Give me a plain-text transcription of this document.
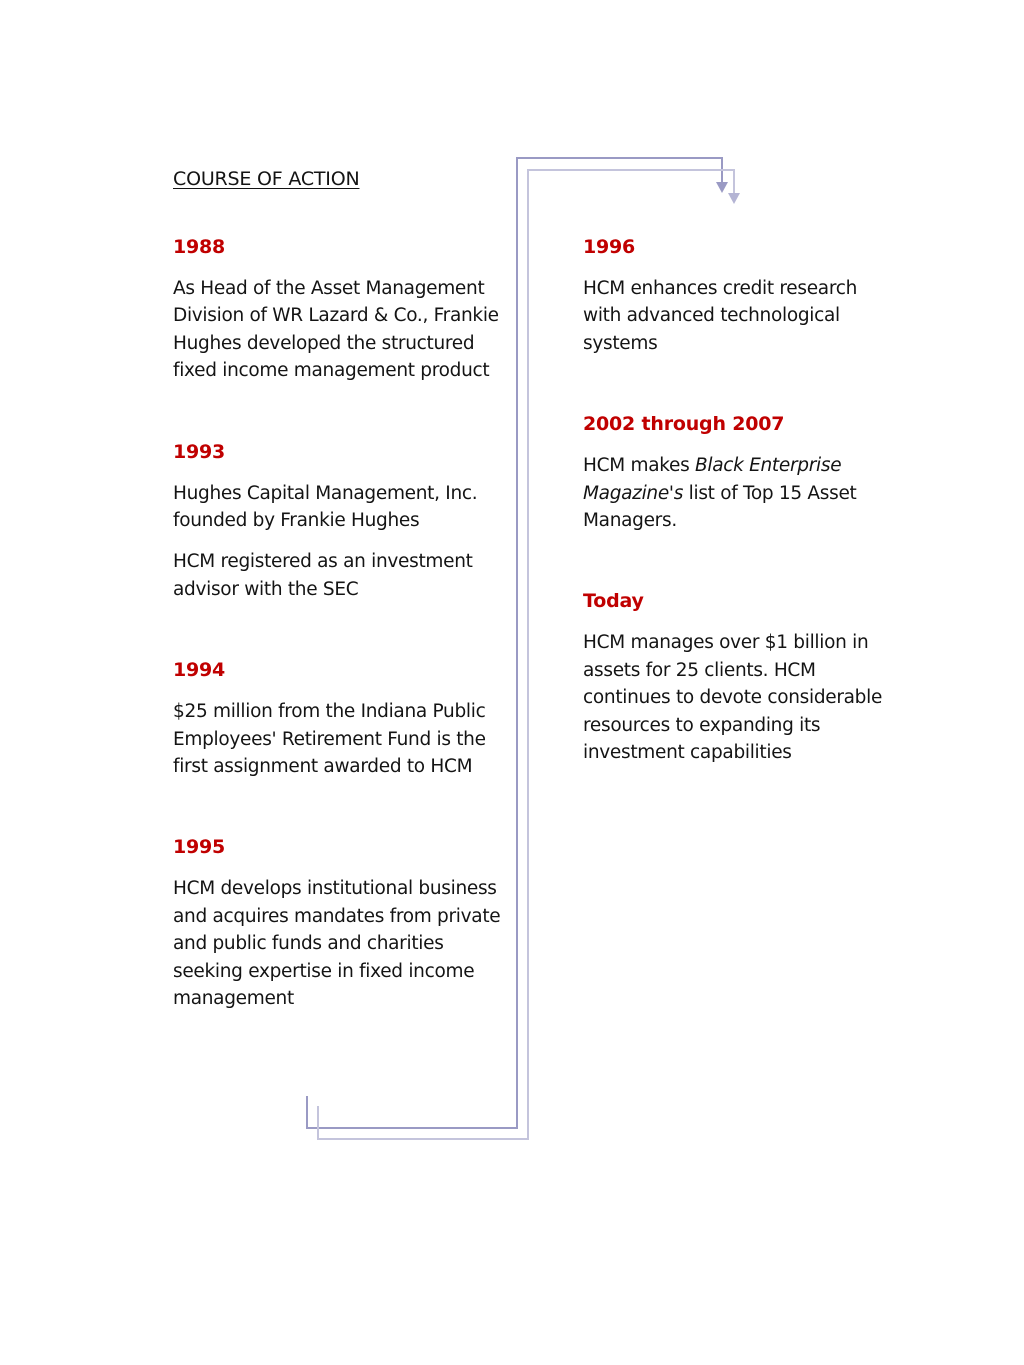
COURSE OF ACTION
1988
As Head of the Asset Management Division of WR Lazard & Co., Frankie Hughes developed the structured fixed income management product
1993
Hughes Capital Management, Inc. founded by Frankie Hughes
HCM registered as an investment advisor with the SEC
1994
$25 million from the Indiana Public Employees' Retirement Fund is the first assignment awarded to HCM
1995
HCM develops institutional business and acquires mandates from private and public funds and charities seeking expertise in fixed income management
1996
HCM enhances credit research with advanced technological systems
2002 through 2007
HCM makes Black Enterprise Magazine's list of Top 15 Asset Managers.
Today
HCM manages over $1 billion in assets for 25 clients. HCM continues to devote considerable resources to expanding its investment capabilities
